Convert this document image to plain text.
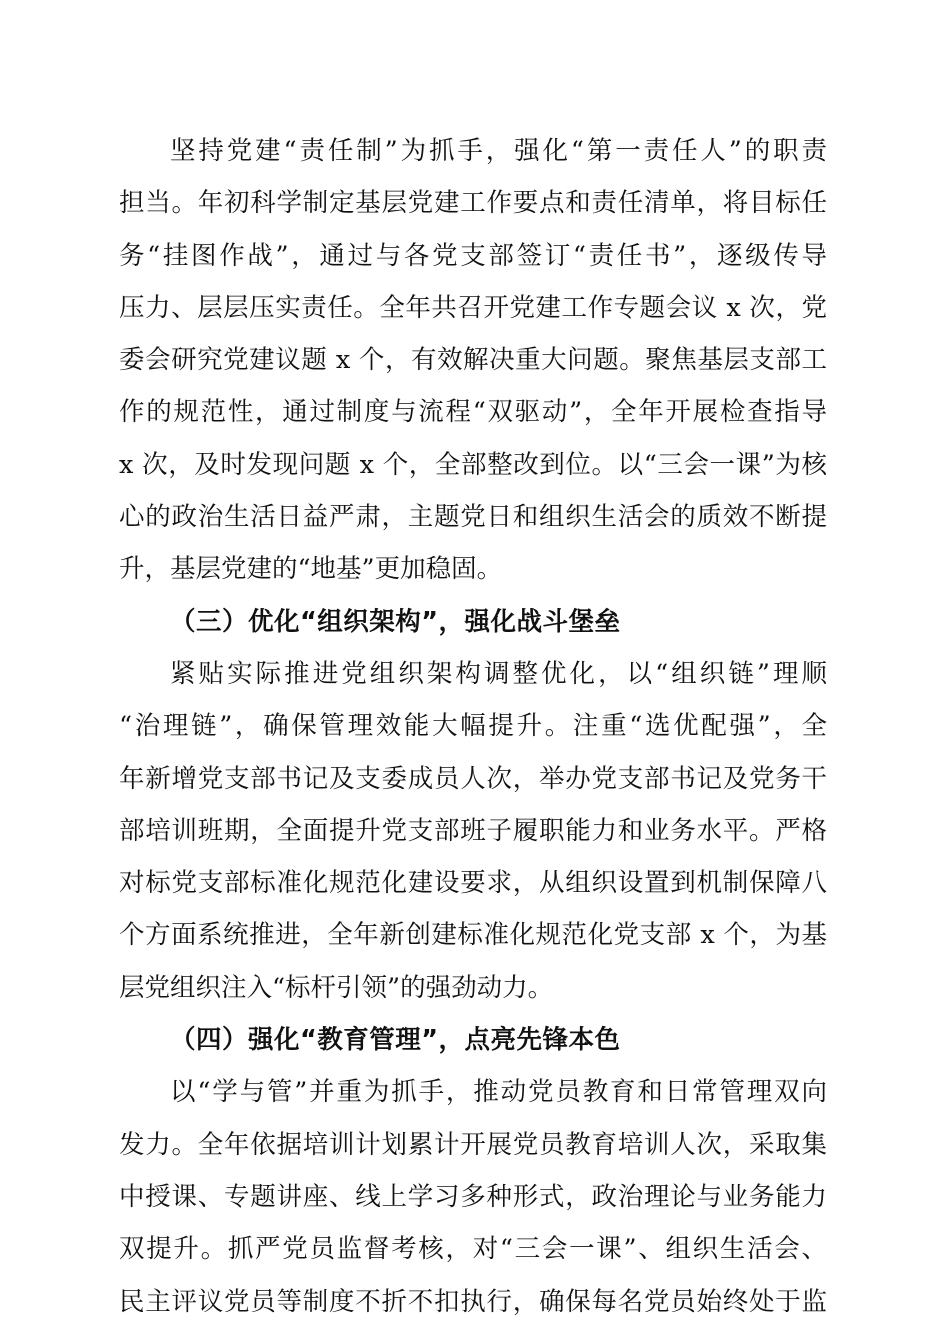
坚持党建“责任制”为抓手，强化“第一责任人”的职责
担当。年初科学制定基层党建工作要点和责任清单，将目标任
务“挂图作战”，通过与各党支部签订“责任书”，逐级传导
压力、层层压实责任。全年共召开党建工作专题会议 x 次，党
委会研究党建议题 x 个，有效解决重大问题。聚焦基层支部工
作的规范性，通过制度与流程“双驱动”，全年开展检查指导
x 次，及时发现问题 x 个，全部整改到位。以“三会一课”为核
心的政治生活日益严肃，主题党日和组织生活会的质效不断提
升，基层党建的“地基”更加稳固。
（三）优化“组织架构”，强化战斗堡垒
紧贴实际推进党组织架构调整优化，以“组织链”理顺
“治理链”，确保管理效能大幅提升。注重“选优配强”，全
年新增党支部书记及支委成员人次，举办党支部书记及党务干
部培训班期，全面提升党支部班子履职能力和业务水平。严格
对标党支部标准化规范化建设要求，从组织设置到机制保障八
个方面系统推进，全年新创建标准化规范化党支部 x 个，为基
层党组织注入“标杆引领”的强劲动力。
（四）强化“教育管理”，点亮先锋本色
以“学与管”并重为抓手，推动党员教育和日常管理双向
发力。全年依据培训计划累计开展党员教育培训人次，采取集
中授课、专题讲座、线上学习多种形式，政治理论与业务能力
双提升。抓严党员监督考核，对“三会一课”、组织生活会、
民主评议党员等制度不折不扣执行，确保每名党员始终处于监
